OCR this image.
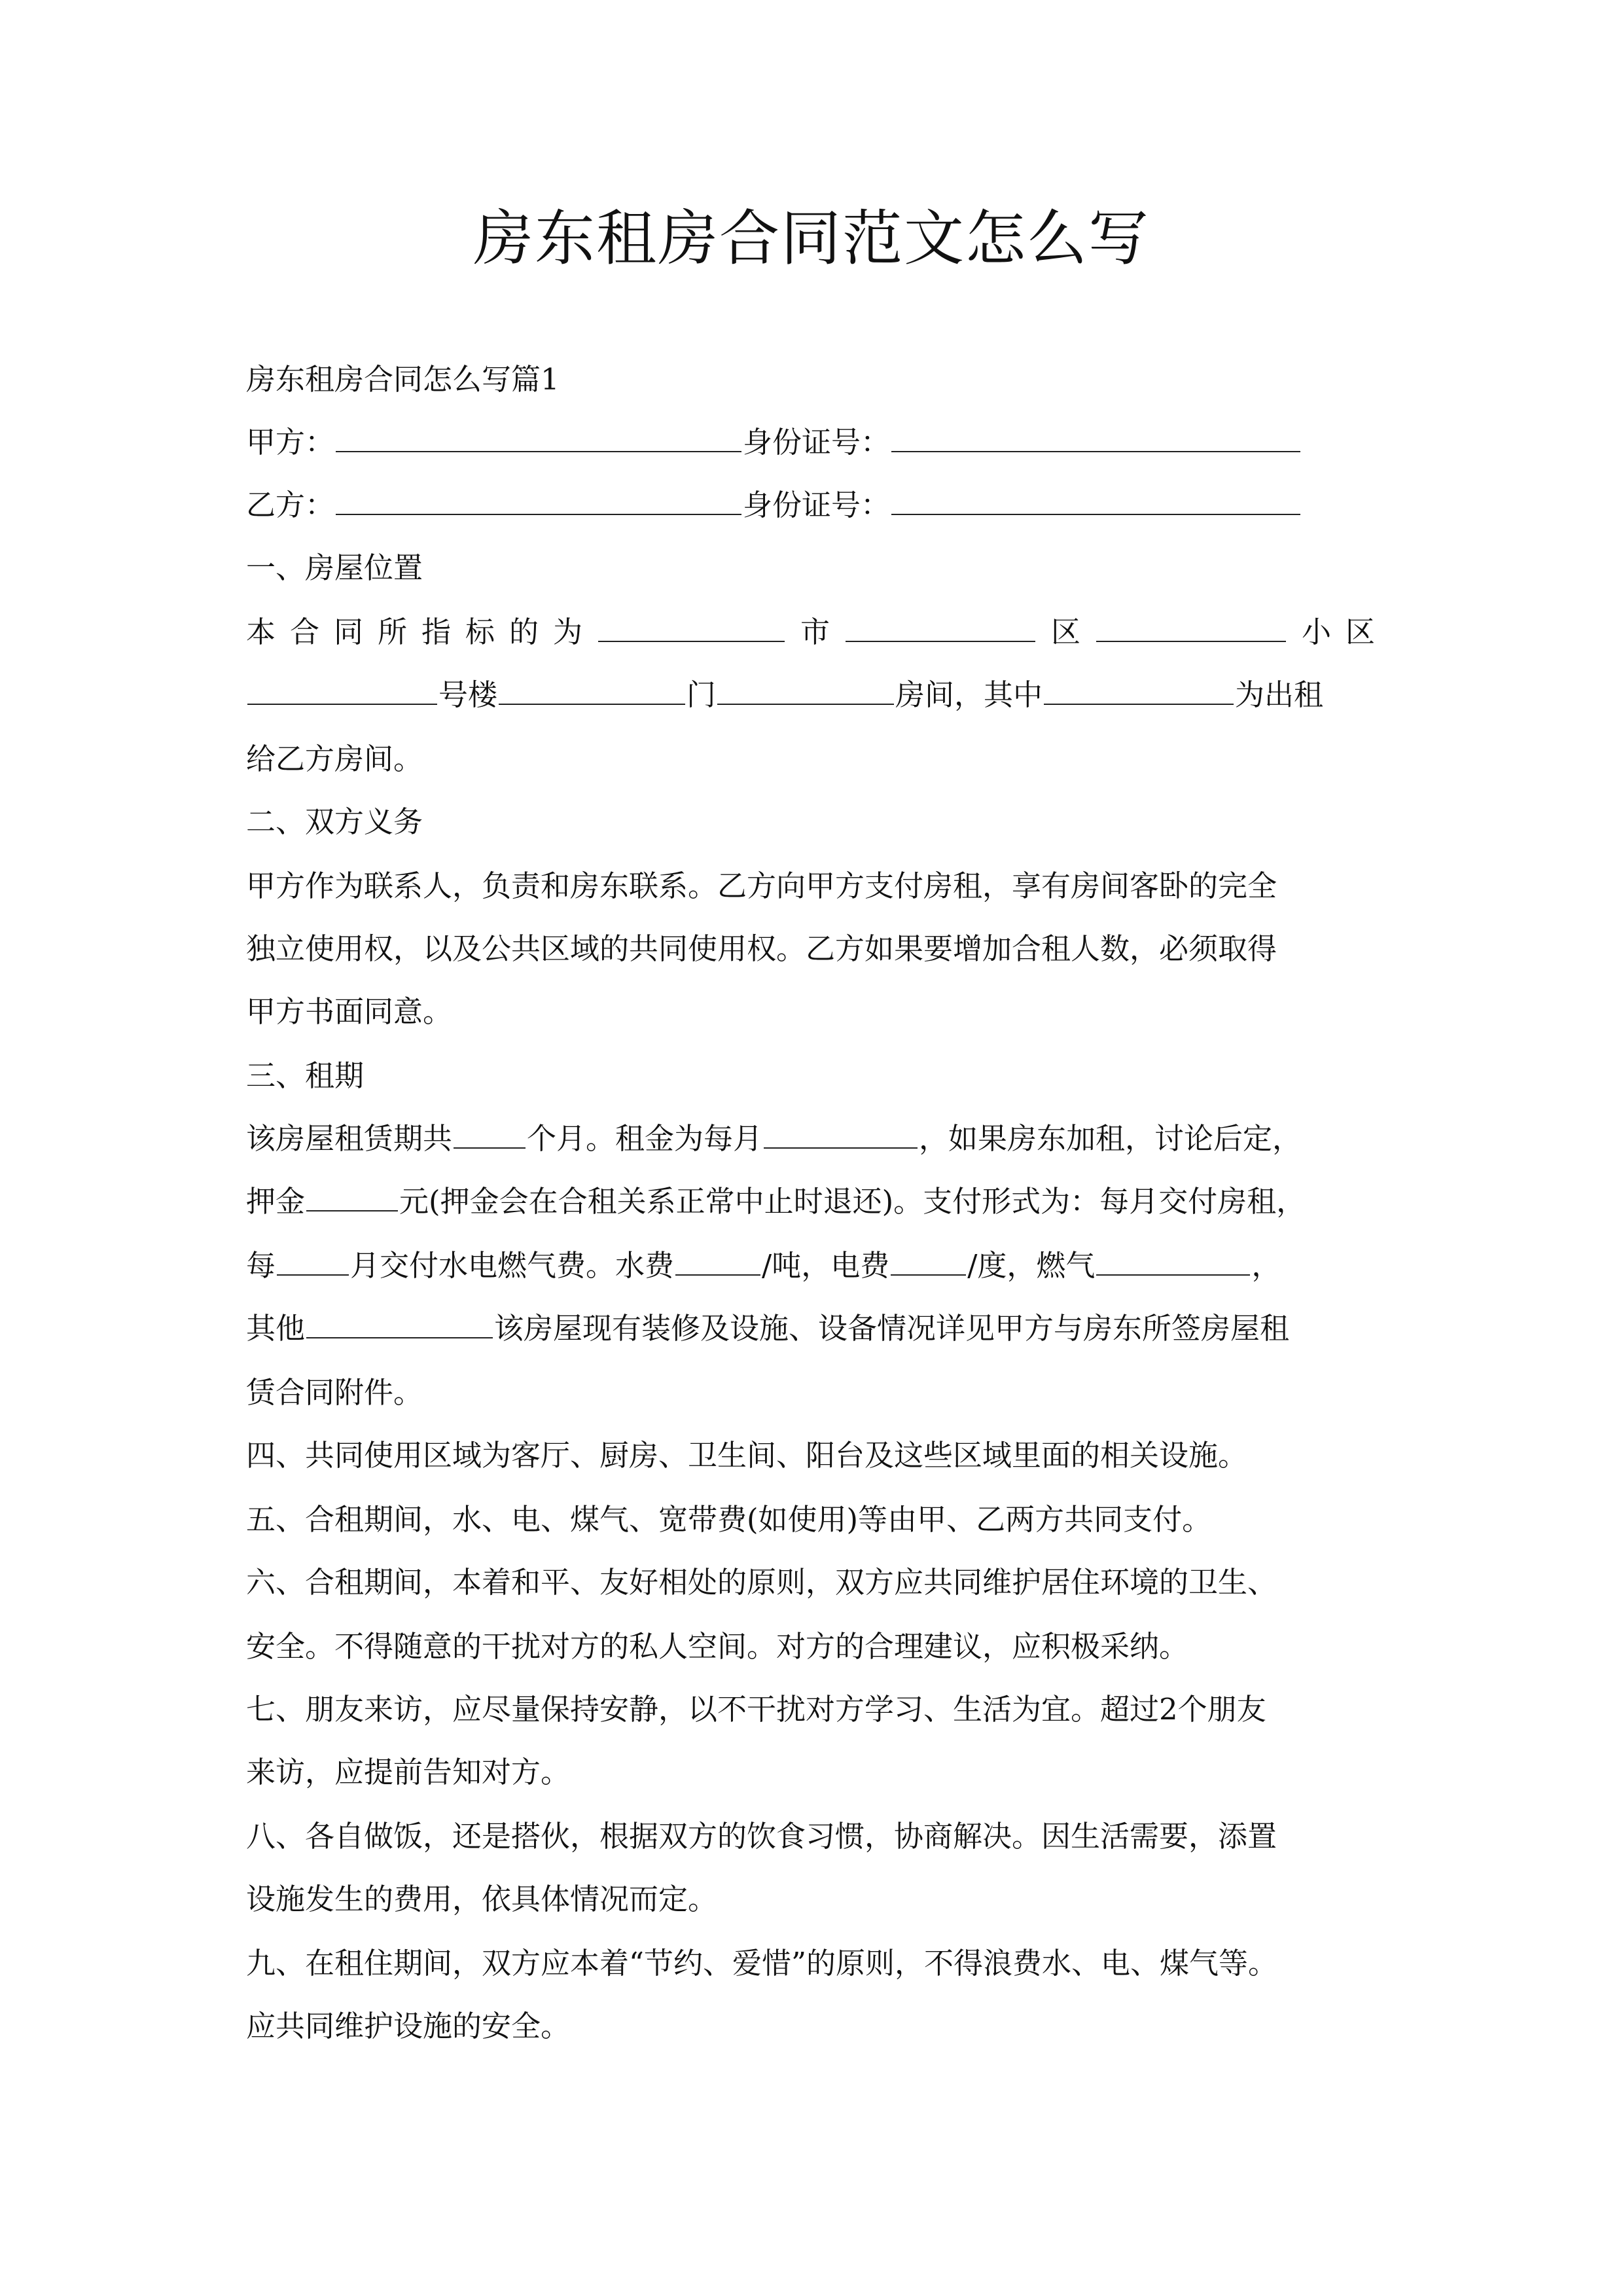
房东租房合同范文怎么写
房东租房合同怎么写篇1
甲方：	身份证号：
乙方：	身份证号：
一、房屋位置
本合同所指标的为	市	区	小区
号楼	门	房间，其中	为出租
给乙方房间。
二、双方义务
甲方作为联系人，负责和房东联系。乙方向甲方支付房租，享有房间客卧的完全
独立使用权，以及公共区域的共同使用权。乙方如果要增加合租人数，必须取得
甲方书面同意。
三、租期
该房屋租赁期共	个月。租金为每月	，如果房东加租，讨论后定，
押金	元(押金会在合租关系正常中止时退还)。支付形式为：每月交付房租，
每	月交付水电燃气费。水费	/吨，电费	/度，燃气	，
其他	该房屋现有装修及设施、设备情况详见甲方与房东所签房屋租
赁合同附件。
四、共同使用区域为客厅、厨房、卫生间、阳台及这些区域里面的相关设施。
五、合租期间，水、电、煤气、宽带费(如使用)等由甲、乙两方共同支付。
六、合租期间，本着和平、友好相处的原则，双方应共同维护居住环境的卫生、
安全。不得随意的干扰对方的私人空间。对方的合理建议，应积极采纳。
七、朋友来访，应尽量保持安静，以不干扰对方学习、生活为宜。超过2个朋友
来访，应提前告知对方。
八、各自做饭，还是搭伙，根据双方的饮食习惯，协商解决。因生活需要，添置
设施发生的费用，依具体情况而定。
九、在租住期间，双方应本着“节约、爱惜”的原则，不得浪费水、电、煤气等。
应共同维护设施的安全。
